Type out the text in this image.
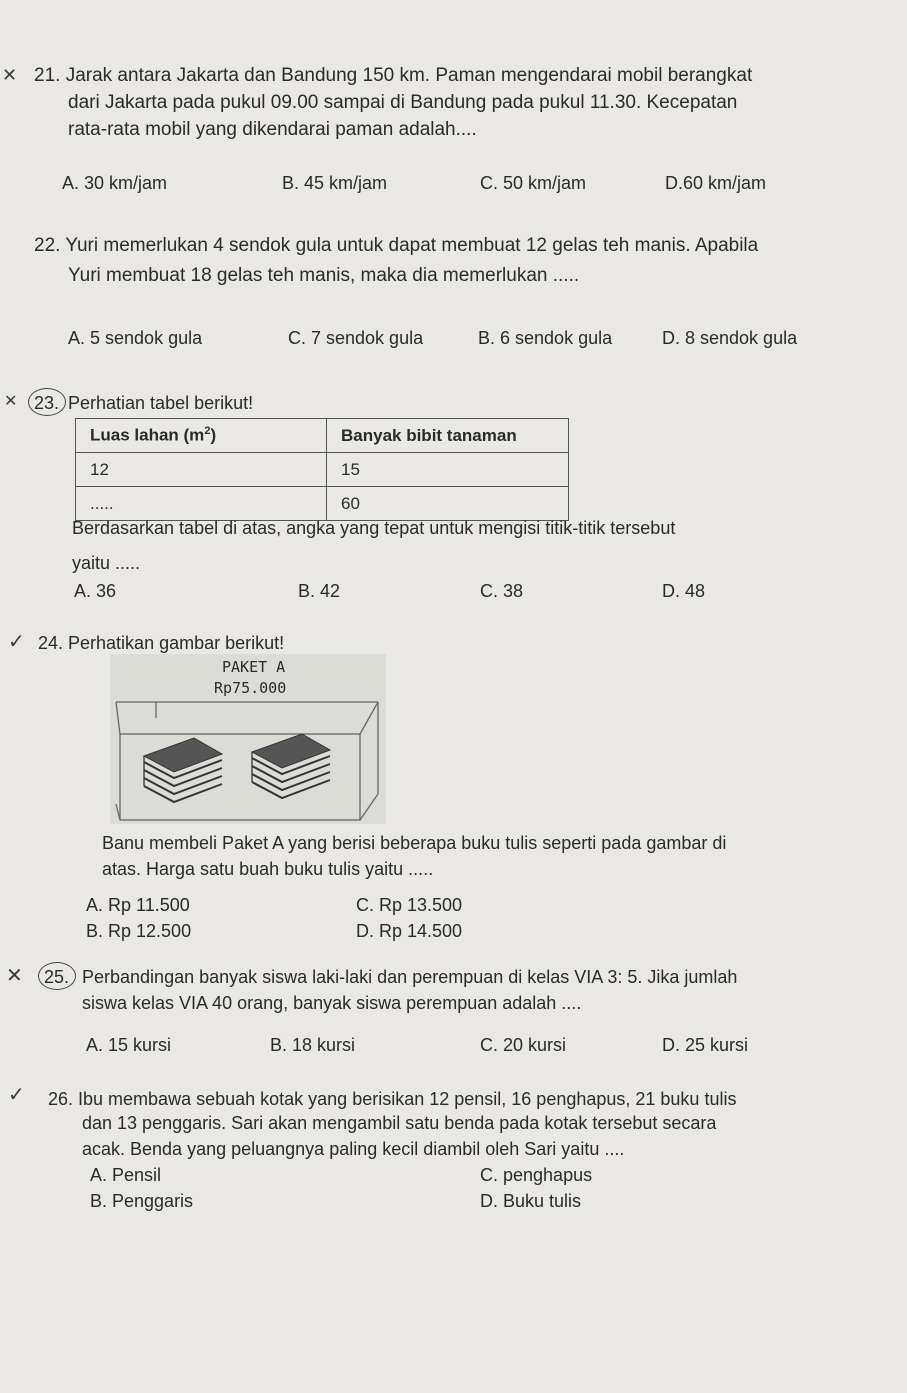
✕ 21. Jarak antara Jakarta dan Bandung 150 km. Paman mengendarai mobil berangkat
dari Jakarta pada pukul 09.00 sampai di Bandung pada pukul 11.30. Kecepatan
rata-rata mobil yang dikendarai paman adalah....
A. 30 km/jam	B. 45 km/jam	C. 50 km/jam	D.60 km/jam
22. Yuri memerlukan 4 sendok gula untuk dapat membuat 12 gelas teh manis. Apabila
Yuri membuat 18 gelas teh manis, maka dia memerlukan .....
A. 5 sendok gula	C. 7 sendok gula	B. 6 sendok gula	D. 8 sendok gula
✕ 23. Perhatian tabel berikut!
Luas lahan $(m^2)$	Banyak bibit tanaman
12	15
.....	60
Berdasarkan tabel di atas, angka yang tepat untuk mengisi titik-titik tersebut
yaitu .....
A. 36	B. 42	C. 38	D. 48
✓ 24. Perhatikan gambar berikut!
PAKET A
Rp75.000
Banu membeli Paket A yang berisi beberapa buku tulis seperti pada gambar di
atas. Harga satu buah buku tulis yaitu .....
A. Rp 11.500	C. Rp 13.500
B. Rp 12.500	D. Rp 14.500
✕ 25. Perbandingan banyak siswa laki-laki dan perempuan di kelas VIA 3: 5. Jika jumlah
siswa kelas VIA 40 orang, banyak siswa perempuan adalah ....
A. 15 kursi	B. 18 kursi	C. 20 kursi	D. 25 kursi
✓ 26. Ibu membawa sebuah kotak yang berisikan 12 pensil, 16 penghapus, 21 buku tulis
dan 13 penggaris. Sari akan mengambil satu benda pada kotak tersebut secara
acak. Benda yang peluangnya paling kecil diambil oleh Sari yaitu ....
A. Pensil	C. penghapus
B. Penggaris	D. Buku tulis
